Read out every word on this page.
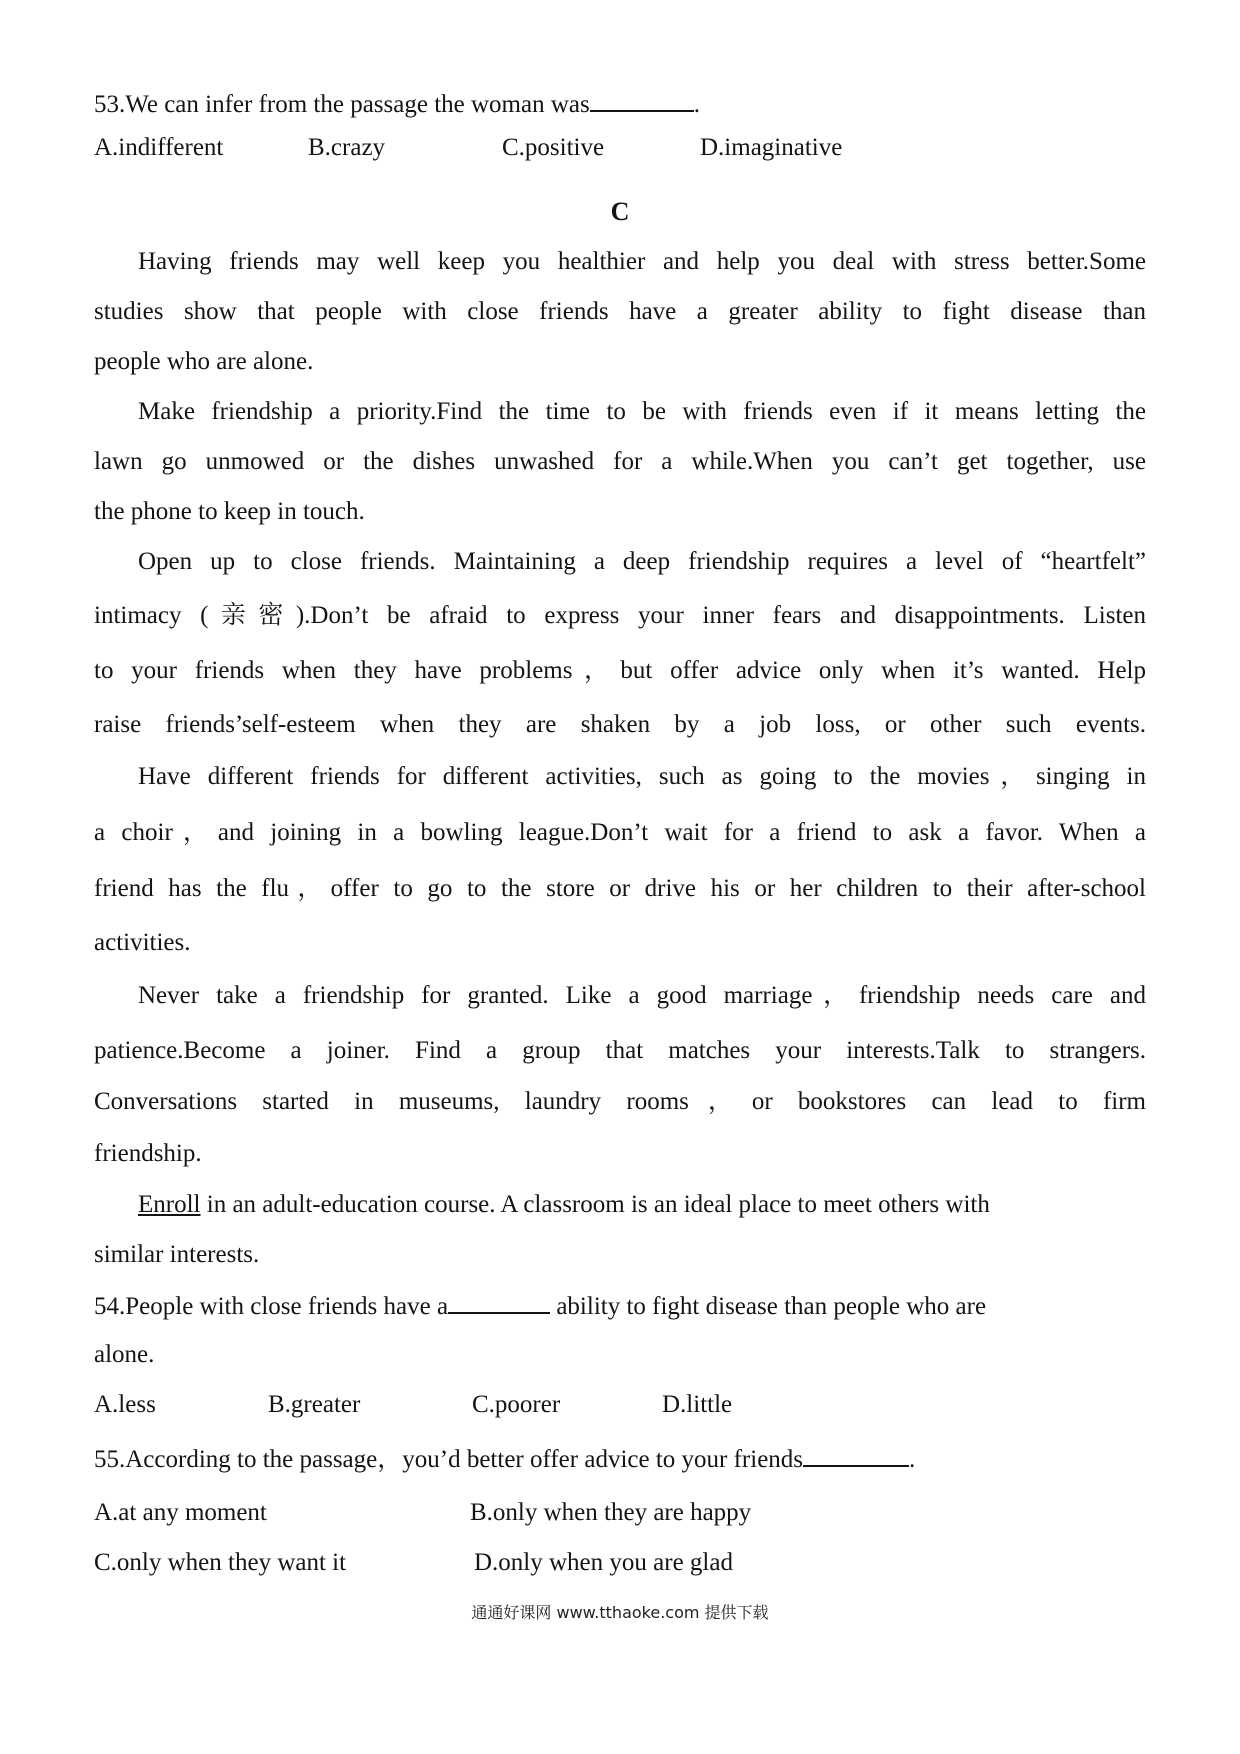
53.We can infer from the passage the woman was	.
A.indifferent	B.crazy	C.positive	D.imaginative
C
Having friends may well keep you healthier and help you deal with stress better.Some
studies show that people with close friends have a greater ability to fight disease than
people who are alone.
Make friendship a priority.Find the time to be with friends even if it means letting the
lawn go unmowed or the dishes unwashed for a while.When you can’t get together, use
the phone to keep in touch.
Open up to close friends. Maintaining a deep friendship requires a level of “heartfelt”
intimacy (亲密).Don’t be afraid to express your inner fears and disappointments. Listen
to your friends when they have problems，but offer advice only when it’s wanted. Help
raise friends’self-esteem when they are shaken by a job loss, or other such events.
Have different friends for different activities, such as going to the movies，singing in
a choir，and joining in a bowling league.Don’t wait for a friend to ask a favor. When a
friend has the flu，offer to go to the store or drive his or her children to their after-school
activities.
Never take a friendship for granted. Like a good marriage，friendship needs care and
patience.Become a joiner. Find a group that matches your interests.Talk to strangers.
Conversations started in museums, laundry rooms，or bookstores can lead to firm
friendship.
Enroll in an adult-education course. A classroom is an ideal place to meet others with
similar interests.
54.People with close friends have a	ability to fight disease than people who are
alone.
A.less	B.greater	C.poorer	D.little
55.According to the passage，you’d better offer advice to your friends	.
A.at any moment	B.only when they are happy
C.only when they want it	D.only when you are glad
通通好课网 www.tthaoke.com 提供下载
